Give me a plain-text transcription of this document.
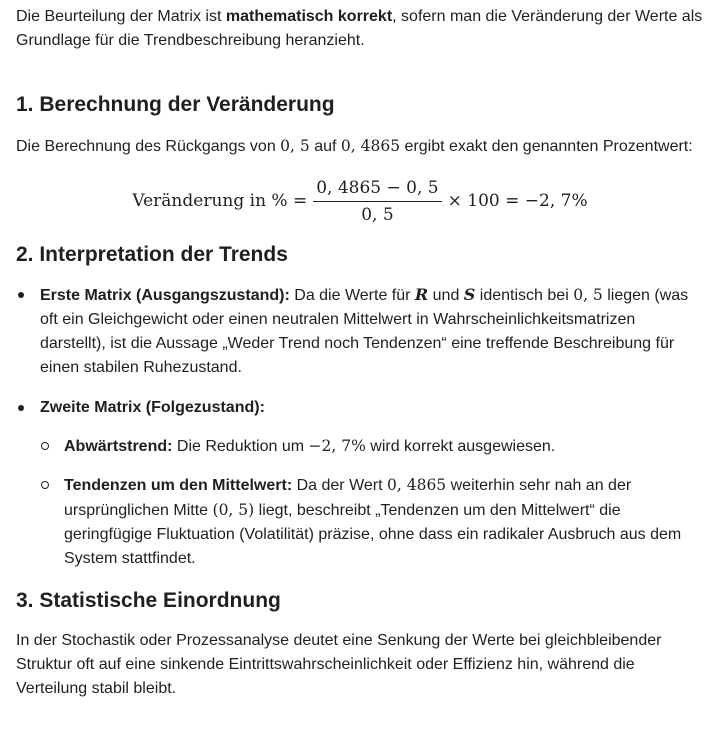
Die Beurteilung der Matrix ist mathematisch korrekt, sofern man die Veränderung der Werte als Grundlage für die Trendbeschreibung heranzieht.

1. Berechnung der Veränderung

Die Berechnung des Rückgangs von 0, 5 auf 0, 4865 ergibt exakt den genannten Prozentwert:

Veränderung in % = $\frac{0, 4865 - 0, 5}{0, 5} \times 100 = -2$, 7%
2. Interpretation der Trends
Erste Matrix (Ausgangszustand): Da die Werte für R und S identisch bei 0, 5 liegen (was oft ein Gleichgewicht oder einen neutralen Mittelwert in Wahrscheinlichkeitsmatrizen darstellt), ist die Aussage „Weder Trend noch Tendenzen“ eine treffende Beschreibung für einen stabilen Ruhezustand.
Zweite Matrix (Folgezustand):
Abwärtstrend: Die Reduktion um −2, 7% wird korrekt ausgewiesen.
Tendenzen um den Mittelwert: Da der Wert 0, 4865 weiterhin sehr nah an der ursprünglichen Mitte (0, 5) liegt, beschreibt „Tendenzen um den Mittelwert“ die geringfügige Fluktuation (Volatilität) präzise, ohne dass ein radikaler Ausbruch aus dem System stattfindet.
3. Statistische Einordnung

In der Stochastik oder Prozessanalyse deutet eine Senkung der Werte bei gleichbleibender Struktur oft auf eine sinkende Eintrittswahrscheinlichkeit oder Effizienz hin, während die Verteilung stabil bleibt.
